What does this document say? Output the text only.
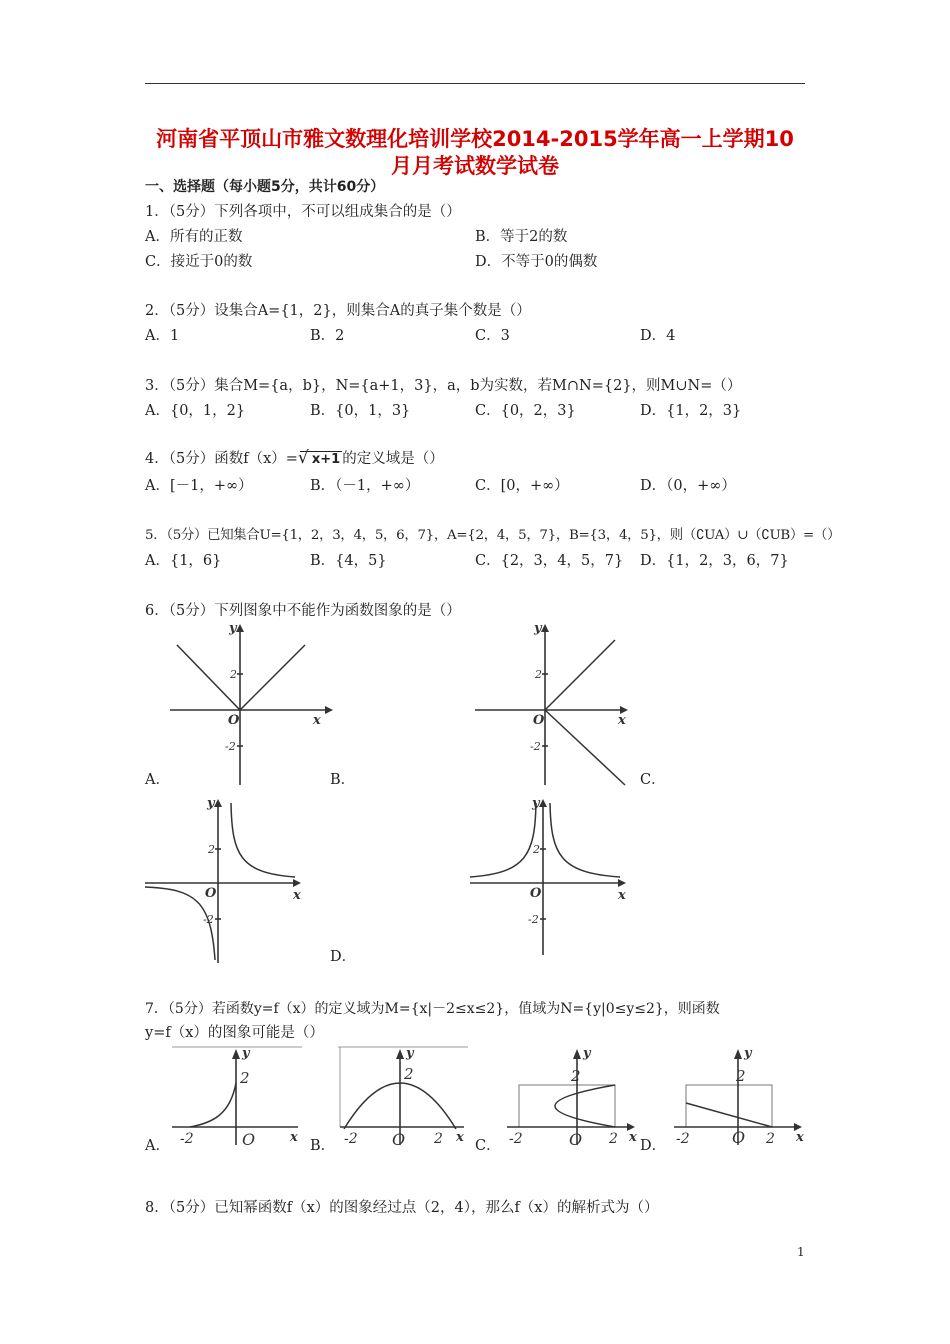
河南省平顶山市雅文数理化培训学校2014-2015学年高一上学期10
月月考试数学试卷
一、选择题（每小题5分，共计60分）
1．（5分）下列各项中，不可以组成集合的是（）
A．所有的正数	B．等于2的数
C．接近于0的数	D．不等于0的偶数
2．（5分）设集合A={1，2}，则集合A的真子集个数是（）
A．1	B．2	C．3	D．4
3．（5分）集合M={a，b}，N={a+1，3}，a，b为实数，若M∩N={2}，则M∪N=（）
A．{0，1，2}	B．{0，1，3}	C．{0，2，3}	D．{1，2，3}
4．（5分）函数f（x）=√ x+1 的定义域是（）
A．[－1，+∞）	B．（－1，+∞）	C．[0，+∞）	D．（0，+∞）
5．（5分）已知集合U={1，2，3，4，5，6，7}，A={2，4，5，7}，B={3，4，5}，则（∁UA）∪（∁UB）=（）
A．{1，6}	B．{4，5}	C．{2，3，4，5，7} D．{1，2，3，6，7}
6．（5分）下列图象中不能作为函数图象的是（）
y
x
O
2
-2
A．	B．
y
x
O
2
-2
C．
y
x
O
2
-2
y
x
O
2
-2
D．
7．（5分）若函数y=f（x）的定义域为M={x|－2≤x≤2}，值域为N={y|0≤y≤2}，则函数
y=f（x）的图象可能是（）
y
2
-2	O	x
A．
y
2
-2 O 2 x
B．
y
2
-2	O 2 x
C．
y
2
-2	O 2 x
D．
8．（5分）已知幂函数f（x）的图象经过点（2，4），那么f（x）的解析式为（）
1
